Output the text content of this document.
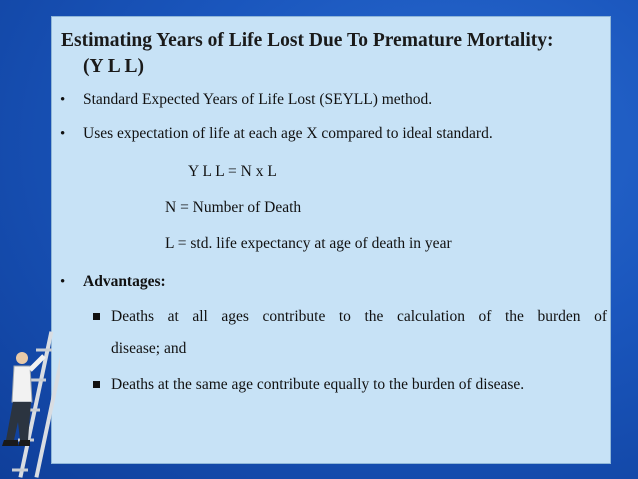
Estimating Years of Life Lost Due To Premature Mortality:
(Y L L)
• Standard Expected Years of Life Lost (SEYLL) method.
• Uses expectation of life at each age X compared to ideal standard.
Y L L = N x L
N = Number of Death
L = std. life expectancy at age of death in year
• Advantages:
Deaths at all ages contribute to the calculation of the burden of
disease; and
Deaths at the same age contribute equally to the burden of disease.
